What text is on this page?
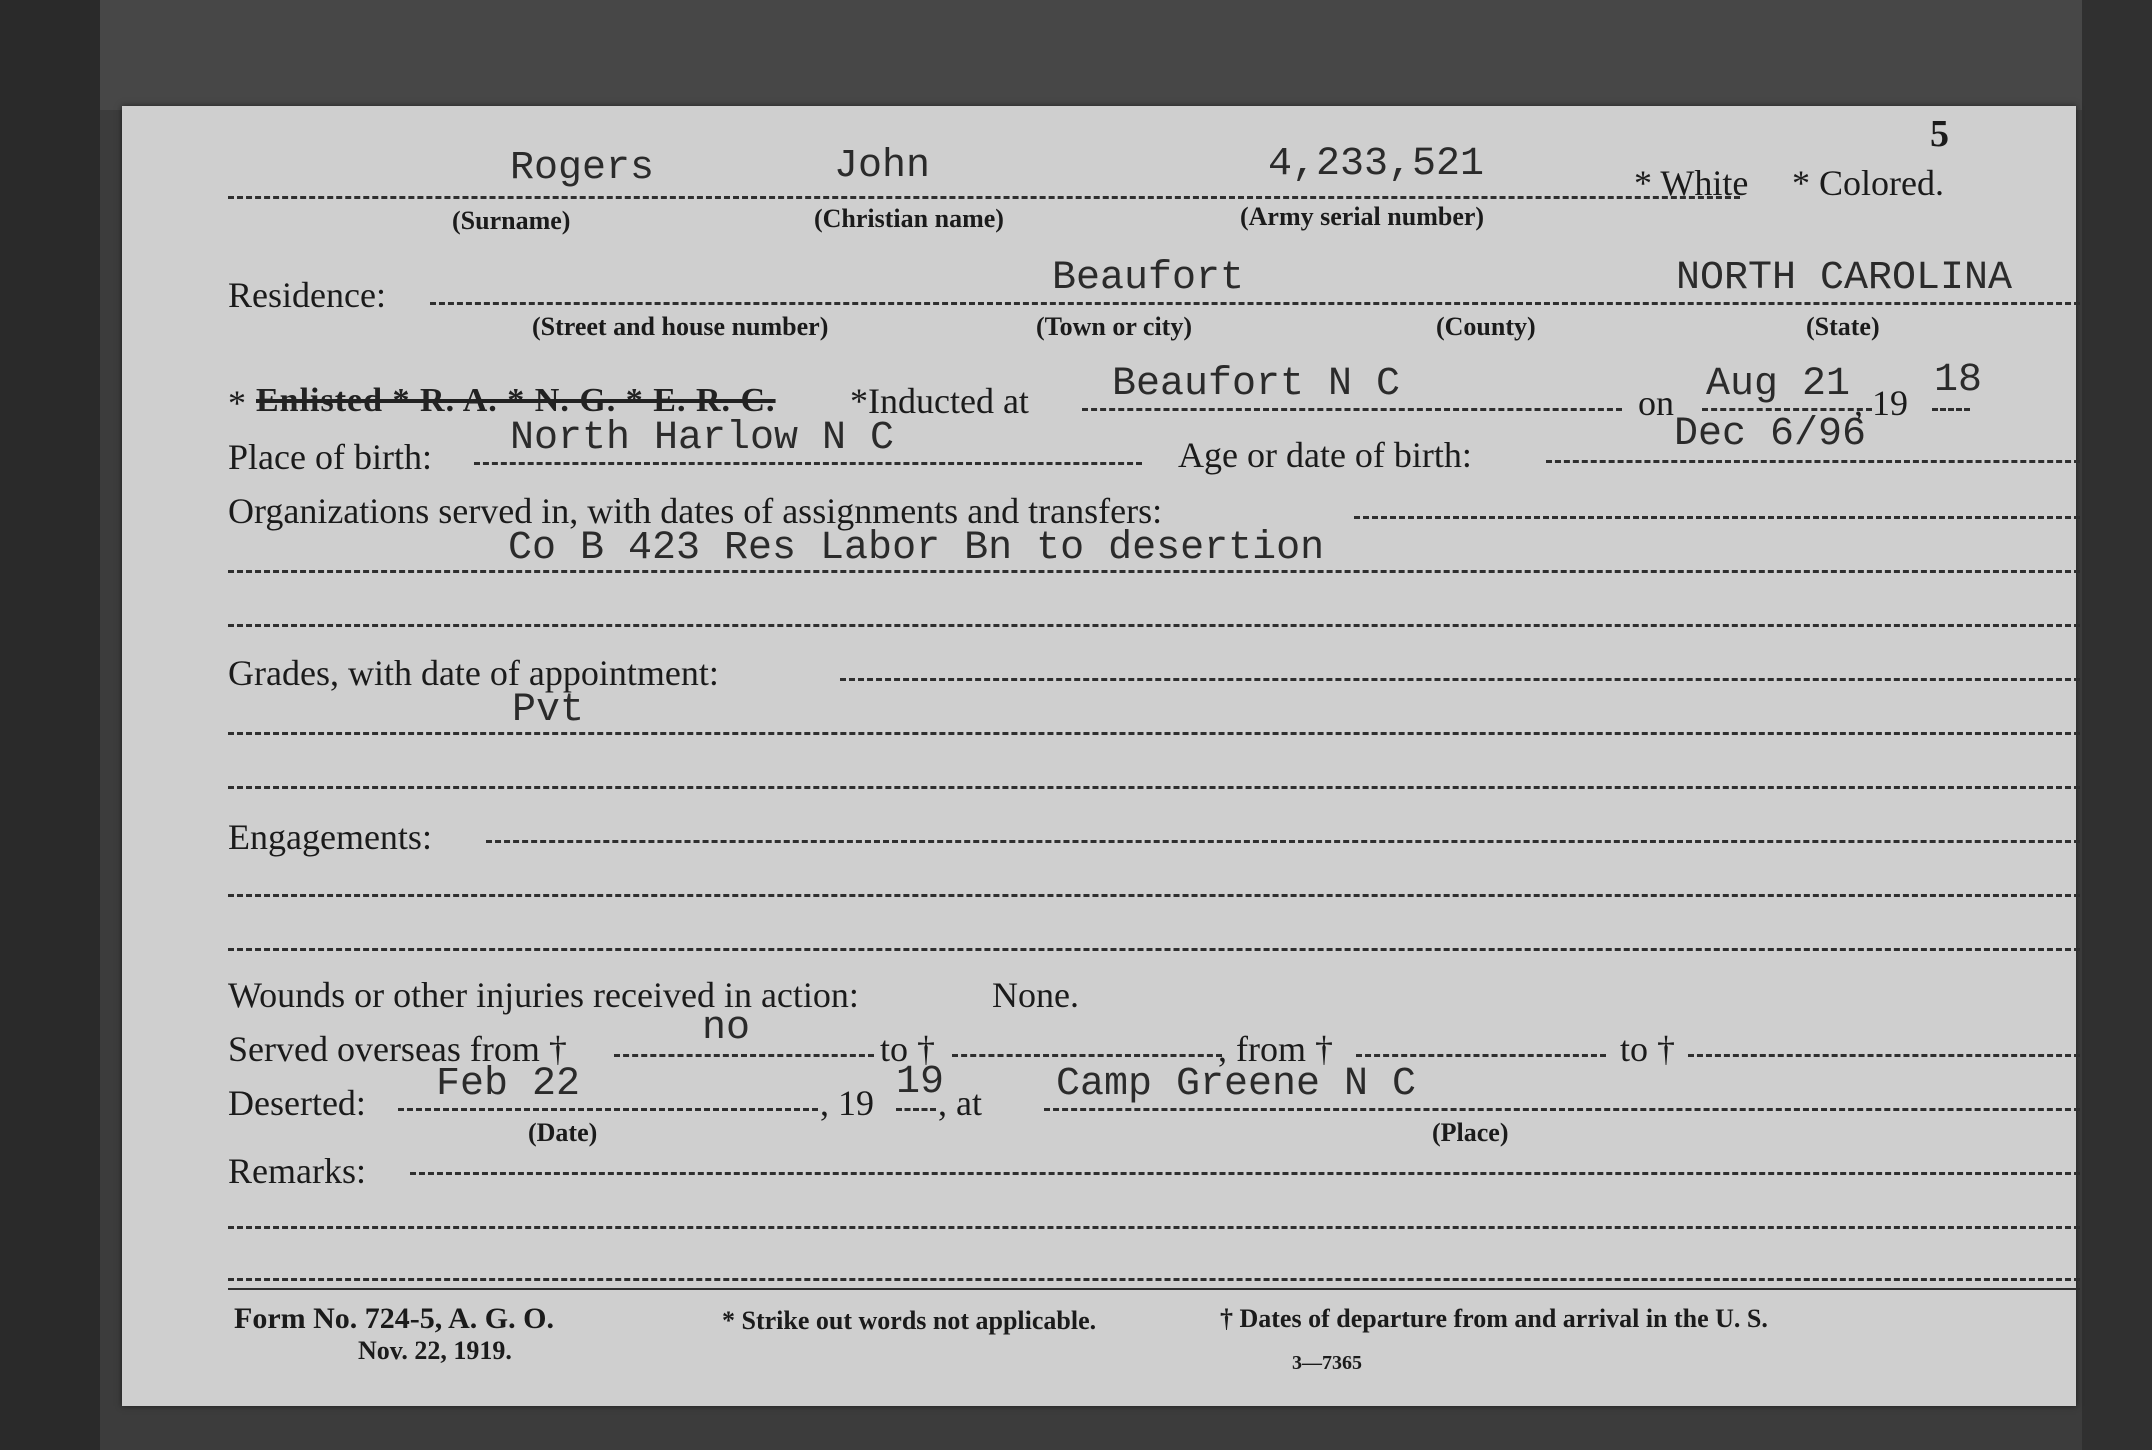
5
Rogers	John	4,233,521	* White * Colored.
(Surname)	(Christian name)	(Army serial number)
Residence:	Beaufort	NORTH CAROLINA
(Street and house number)	(Town or city)	(County)	(State)
* Enlisted * R. A. * N. G. * E. R. C. *Inducted at Beaufort N C	on Aug 21 , 19 18
Place of birth: North Harlow N C	Age or date of birth:	Dec 6/96
Organizations served in, with dates of assignments and transfers:
Co B 423 Res Labor Bn to desertion
Grades, with date of appointment:
Pvt
Engagements:
Wounds or other injuries received in action:	None.
Served overseas from †	no	to †	, from †	to †
Deserted: Feb 22	, 19 19
, at Camp Greene N C
(Date)	(Place)
Remarks:
Form No. 724-5, A. G. O.
Nov. 22, 1919.
* Strike out words not applicable.	† Dates of departure from and arrival in the U. S.
3—7365
